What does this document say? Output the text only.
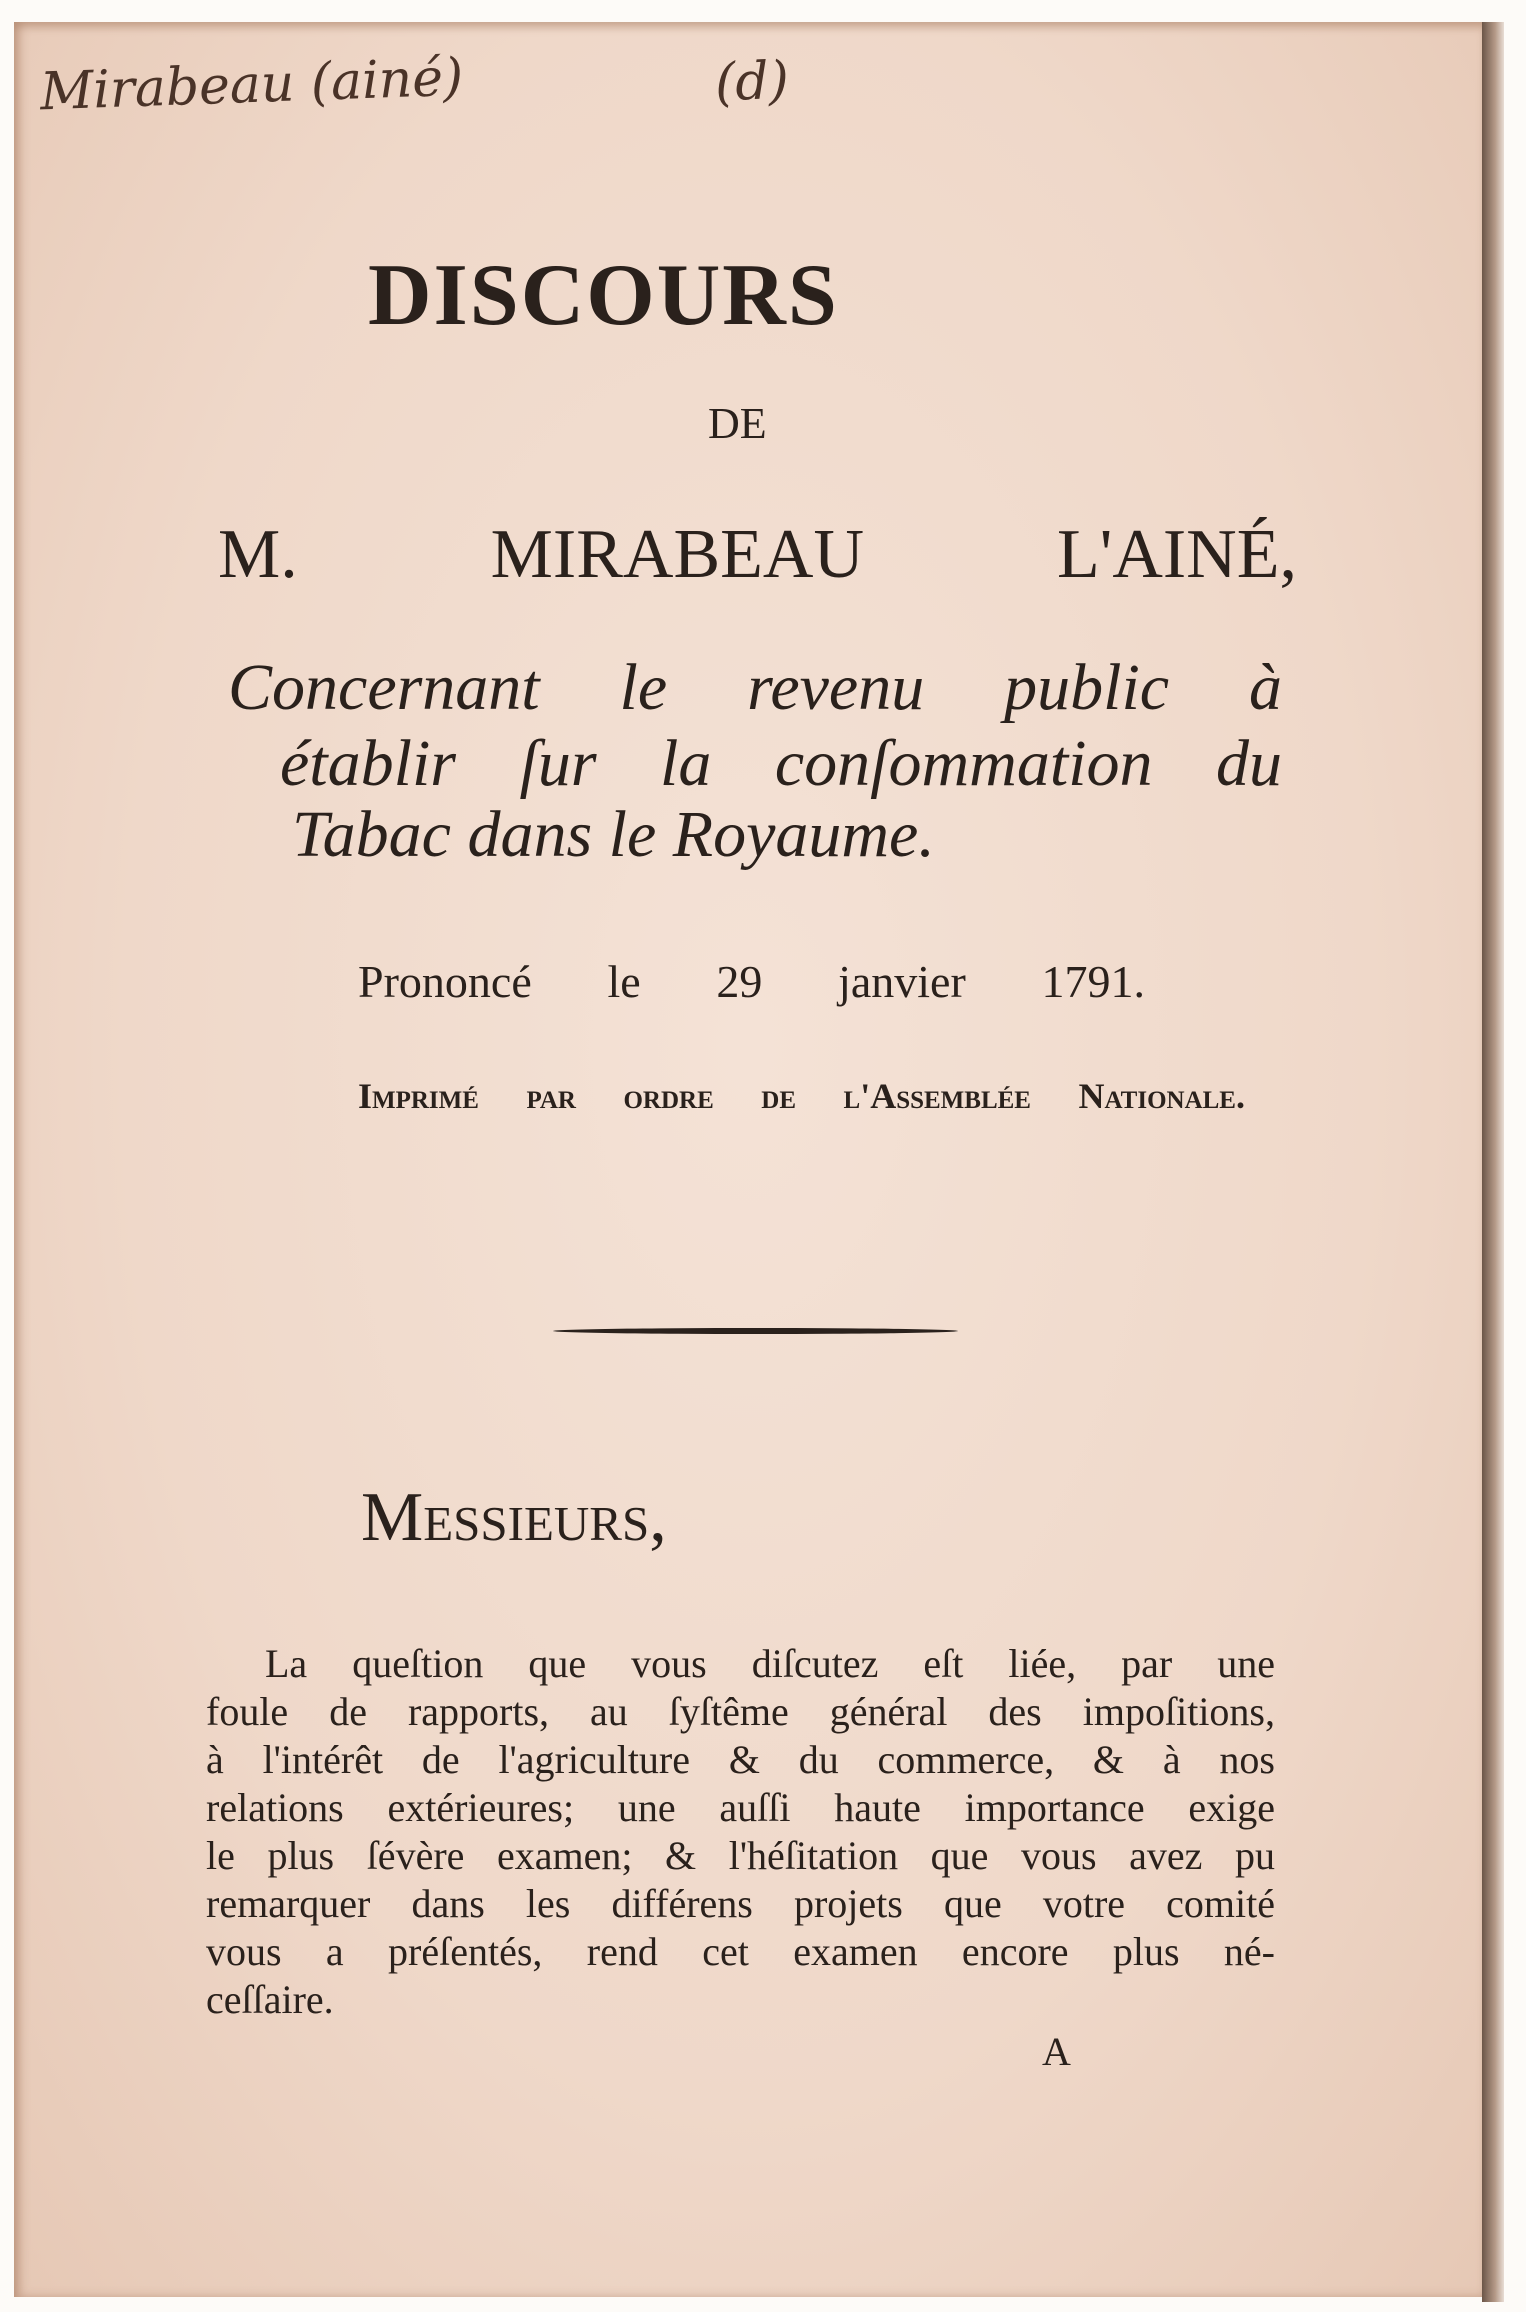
Mirabeau (ainé)	(d)
DISCOURS
DE
M. MIRABEAU L'AINÉ,
Concernant le revenu public à
établir ſur la conſommation du
Tabac dans le Royaume.
Prononcé le 29 janvier 1791.
Imprimé par ordre de l'Assemblée Nationale.
Messieurs,
La queſtion que vous diſcutez eſt liée, par une
foule de rapports, au ſyſtême général des impoſitions,
à l'intérêt de l'agriculture & du commerce, & à nos
relations extérieures; une auſſi haute importance exige
le plus ſévère examen; & l'héſitation que vous avez pu
remarquer dans les différens projets que votre comité
vous a préſentés, rend cet examen encore plus né-
ceſſaire.
A
